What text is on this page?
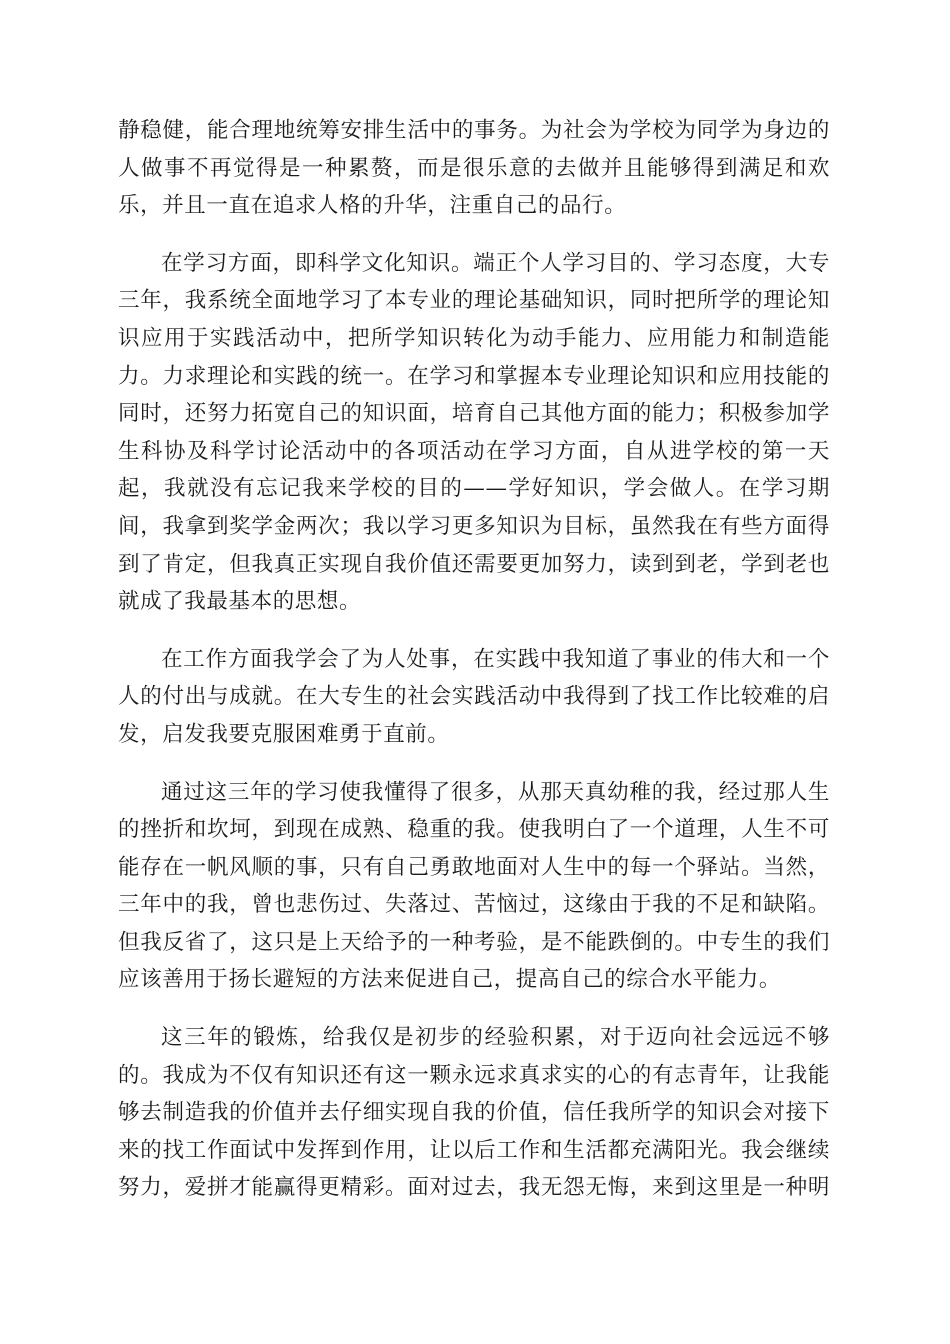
静稳健，能合理地统筹安排生活中的事务。为社会为学校为同学为身边的
人做事不再觉得是一种累赘，而是很乐意的去做并且能够得到满足和欢
乐，并且一直在追求人格的升华，注重自己的品行。
在学习方面，即科学文化知识。端正个人学习目的、学习态度，大专
三年，我系统全面地学习了本专业的理论基础知识，同时把所学的理论知
识应用于实践活动中，把所学知识转化为动手能力、应用能力和制造能
力。力求理论和实践的统一。在学习和掌握本专业理论知识和应用技能的
同时，还努力拓宽自己的知识面，培育自己其他方面的能力；积极参加学
生科协及科学讨论活动中的各项活动在学习方面，自从进学校的第一天
起，我就没有忘记我来学校的目的——学好知识，学会做人。在学习期
间，我拿到奖学金两次；我以学习更多知识为目标，虽然我在有些方面得
到了肯定，但我真正实现自我价值还需要更加努力，读到到老，学到老也
就成了我最基本的思想。
在工作方面我学会了为人处事，在实践中我知道了事业的伟大和一个
人的付出与成就。在大专生的社会实践活动中我得到了找工作比较难的启
发，启发我要克服困难勇于直前。
通过这三年的学习使我懂得了很多，从那天真幼稚的我，经过那人生
的挫折和坎坷，到现在成熟、稳重的我。使我明白了一个道理，人生不可
能存在一帆风顺的事，只有自己勇敢地面对人生中的每一个驿站。当然，
三年中的我，曾也悲伤过、失落过、苦恼过，这缘由于我的不足和缺陷。
但我反省了，这只是上天给予的一种考验，是不能跌倒的。中专生的我们
应该善用于扬长避短的方法来促进自己，提高自己的综合水平能力。
这三年的锻炼，给我仅是初步的经验积累，对于迈向社会远远不够
的。我成为不仅有知识还有这一颗永远求真求实的心的有志青年，让我能
够去制造我的价值并去仔细实现自我的价值，信任我所学的知识会对接下
来的找工作面试中发挥到作用，让以后工作和生活都充满阳光。我会继续
努力，爱拼才能赢得更精彩。面对过去，我无怨无悔，来到这里是一种明
